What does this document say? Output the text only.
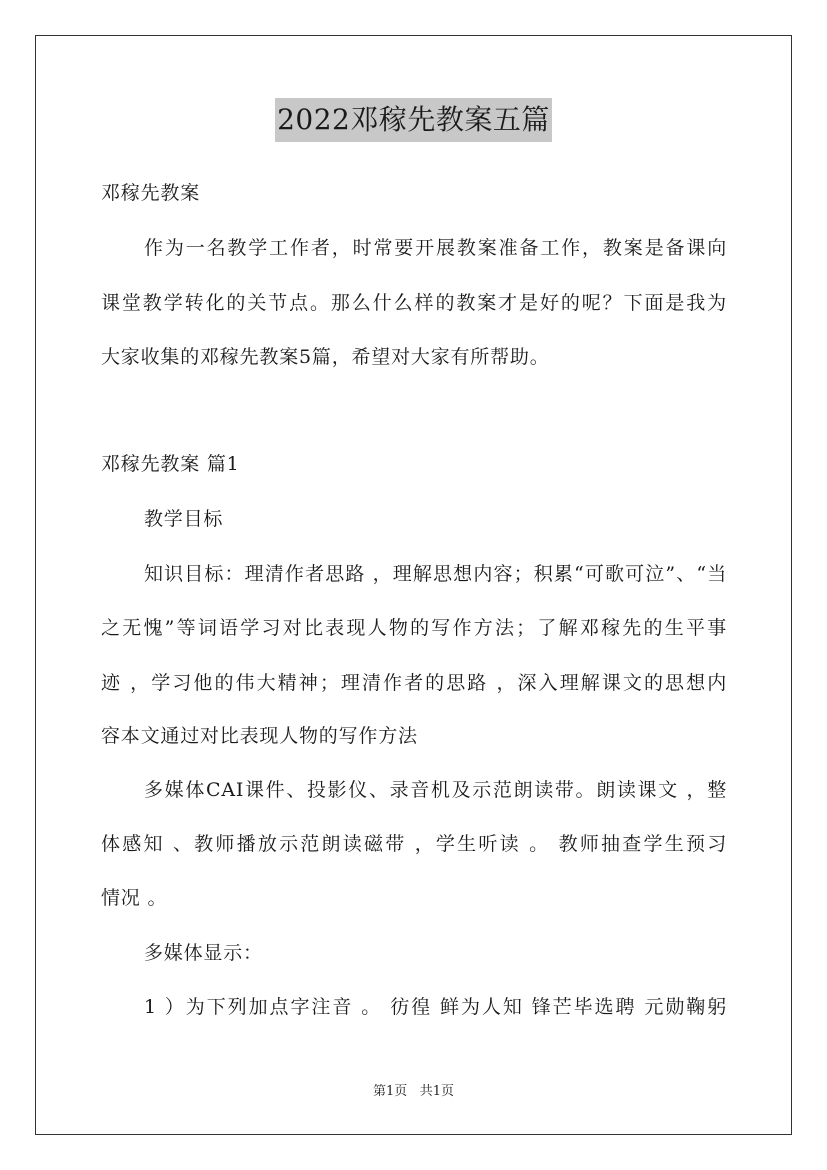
2022邓稼先教案五篇
邓稼先教案
作为一名教学工作者，时常要开展教案准备工作，教案是备课向
课堂教学转化的关节点。那么什么样的教案才是好的呢？下面是我为
大家收集的邓稼先教案5篇，希望对大家有所帮助。
邓稼先教案 篇1
教学目标
知识目标：理清作者思路 ，理解思想内容；积累“可歌可泣”、“当
之无愧”等词语学习对比表现人物的写作方法；了解邓稼先的生平事
迹 ，学习他的伟大精神；理清作者的思路 ，深入理解课文的思想内
容本文通过对比表现人物的写作方法
多媒体CAI课件、投影仪、录音机及示范朗读带。朗读课文 ，整
体感知 、教师播放示范朗读磁带 ，学生听读 。 教师抽查学生预习
情况 。
多媒体显示：
1 ）为下列加点字注音 。 彷徨 鲜为人知 锋芒毕选聘 元勋鞠躬
第1页 共1页
